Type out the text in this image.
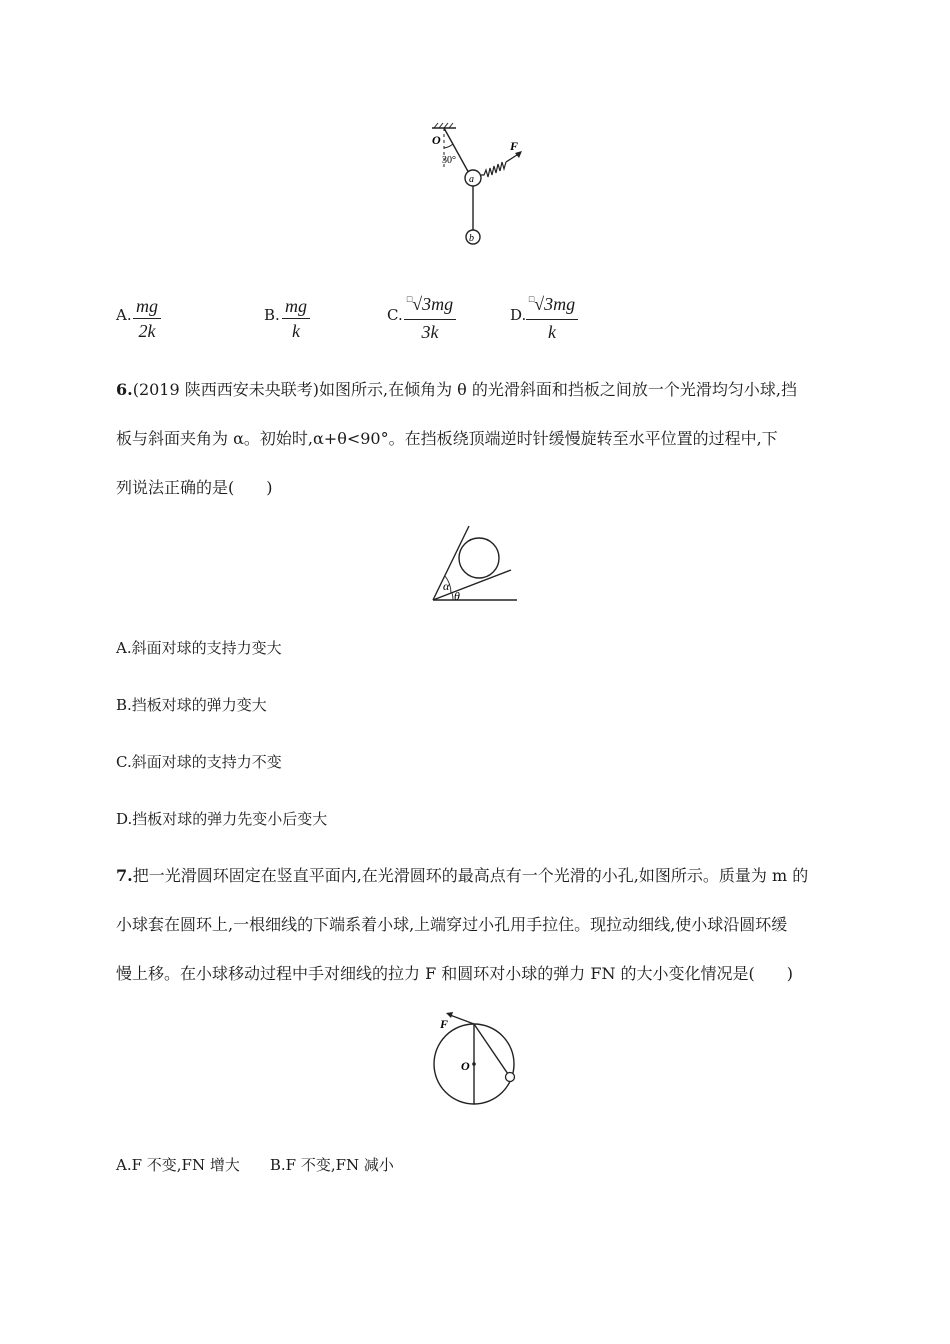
O
30°
a
F
b
A. mg
2k
B. mg
k
C.
□√3mg
3k
D.
□√3mg
k
6.(2019 陕西西安未央联考)如图所示,在倾角为 θ 的光滑斜面和挡板之间放一个光滑均匀小球,挡
板与斜面夹角为 α。初始时,α+θ<90°。在挡板绕顶端逆时针缓慢旋转至水平位置的过程中,下
列说法正确的是(　　)
α
θ
A.斜面对球的支持力变大
B.挡板对球的弹力变大
C.斜面对球的支持力不变
D.挡板对球的弹力先变小后变大
7.把一光滑圆环固定在竖直平面内,在光滑圆环的最高点有一个光滑的小孔,如图所示。质量为 m 的
小球套在圆环上,一根细线的下端系着小球,上端穿过小孔用手拉住。现拉动细线,使小球沿圆环缓
慢上移。在小球移动过程中手对细线的拉力 F 和圆环对小球的弹力 FN 的大小变化情况是(　　)
F
O
A.F 不变,FN 增大　　B.F 不变,FN 减小
